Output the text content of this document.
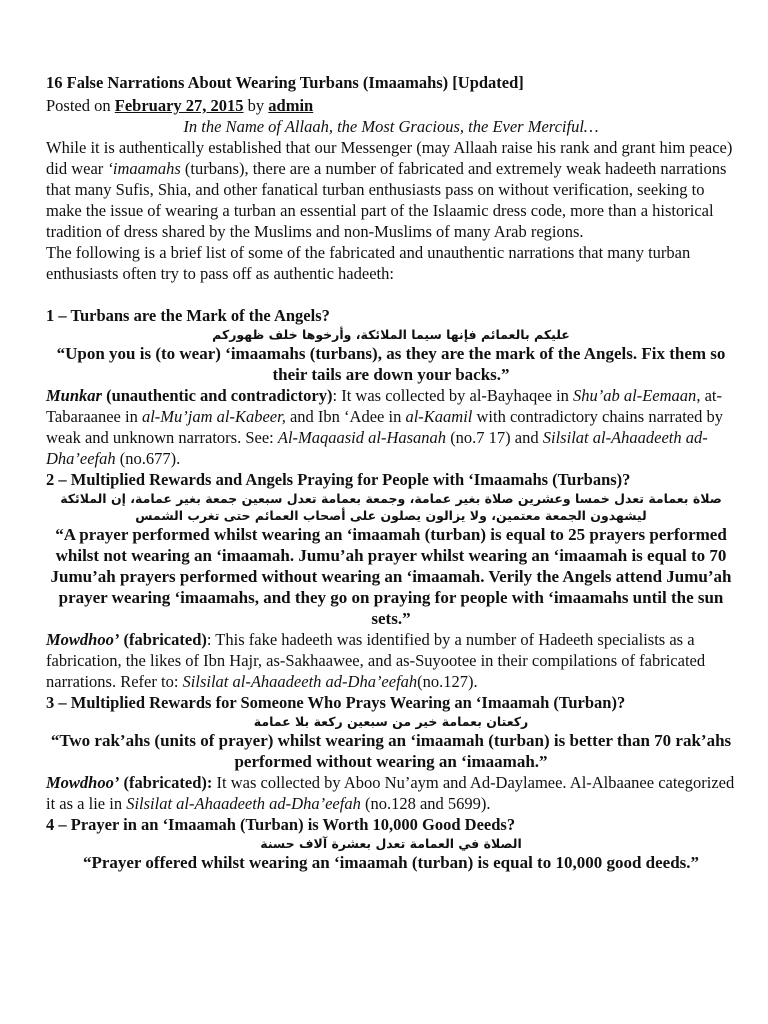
16 False Narrations About Wearing Turbans (Imaamahs) [Updated]
Posted on February 27, 2015 by admin
In the Name of Allaah, the Most Gracious, the Ever Merciful…

While it is authentically established that our Messenger (may Allaah raise his rank and grant him peace) did wear ‘imaamahs (turbans), there are a number of fabricated and extremely weak hadeeth narrations that many Sufis, Shia, and other fanatical turban enthusiasts pass on without verification, seeking to make the issue of wearing a turban an essential part of the Islaamic dress code, more than a historical tradition of dress shared by the Muslims and non-Muslims of many Arab regions.

The following is a brief list of some of the fabricated and unauthentic narrations that many turban enthusiasts often try to pass off as authentic hadeeth:

1 – Turbans are the Mark of the Angels?

عليكم بالعمائم فإنها سيما الملائكة، وأرخوها خلف ظهوركم

“Upon you is (to wear) ‘imaamahs (turbans), as they are the mark of the Angels. Fix them so their tails are down your backs.”

Munkar (unauthentic and contradictory): It was collected by al-Bayhaqee in Shu’ab al-Eemaan, at-Tabaraanee in al-Mu’jam al-Kabeer, and Ibn ‘Adee in al-Kaamil with contradictory chains narrated by weak and unknown narrators. See: Al-Maqaasid al-Hasanah (no.7 17) and Silsilat al-Ahaadeeth ad-Dha’eefah (no.677).

2 – Multiplied Rewards and Angels Praying for People with ‘Imaamahs (Turbans)?

صلاة بعمامة تعدل خمسا وعشرين صلاة بغير عمامة، وجمعة بعمامة تعدل سبعين جمعة بغير عمامة، إن الملائكة

ليشهدون الجمعة معتمين، ولا يزالون يصلون على أصحاب العمائم حتى تغرب الشمس

“A prayer performed whilst wearing an ‘imaamah (turban) is equal to 25 prayers performed whilst not wearing an ‘imaamah. Jumu’ah prayer whilst wearing an ‘imaamah is equal to 70 Jumu’ah prayers performed without wearing an ‘imaamah. Verily the Angels attend Jumu’ah prayer wearing ‘imaamahs, and they go on praying for people with ‘imaamahs until the sun sets.”

Mowdhoo’ (fabricated): This fake hadeeth was identified by a number of Hadeeth specialists as a fabrication, the likes of Ibn Hajr, as-Sakhaawee, and as-Suyootee in their compilations of fabricated narrations. Refer to: Silsilat al-Ahaadeeth ad-Dha’eefah(no.127).

3 – Multiplied Rewards for Someone Who Prays Wearing an ‘Imaamah (Turban)?

ركعتان بعمامة خير من سبعين ركعة بلا عمامة

“Two rak’ahs (units of prayer) whilst wearing an ‘imaamah (turban) is better than 70 rak’ahs performed without wearing an ‘imaamah.”

Mowdhoo’ (fabricated): It was collected by Aboo Nu’aym and Ad-Daylamee. Al-Albaanee categorized it as a lie in Silsilat al-Ahaadeeth ad-Dha’eefah (no.128 and 5699).

4 – Prayer in an ‘Imaamah (Turban) is Worth 10,000 Good Deeds?

الصلاة في العمامة تعدل بعشرة آلاف حسنة

“Prayer offered whilst wearing an ‘imaamah (turban) is equal to 10,000 good deeds.”
